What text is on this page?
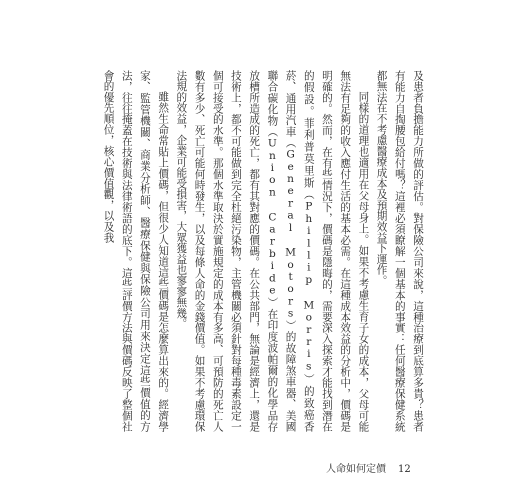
及患者負擔能力所做的評估。對保險公司來說，這種治療到底算多貴？患者有能力自掏腰包給付嗎？這裡必須瞭解一個基本的事實：任何醫療保健系統都無法在不考慮醫療成本及預期效益下運作。

同樣的道理也適用在父母身上。如果不考慮生育子女的成本，父母可能無法有足夠的收入應付生活的基本必需。在這種成本效益的分析中，價碼是明確的。然而，在有些情況下，價碼是隱晦的，需要深入探索才能找到潛在的假設。菲利普莫里斯（Phillip Morris）的致癌香菸、通用汽車（General Motors）的故障煞車器、美國聯合碳化物（Union Carbide）在印度波帕爾的化學品存放槽所造成的死亡，都有其對應的價碼。在公共部門，無論是經濟上，還是技術上，都不可能做到完全杜絕污染物，主管機關必須針對每種毒素設定一個可接受的水準。那個水準取決於實施規定的成本有多高、可預防的死亡人數有多少、死亡可能何時發生，以及每條人命的金錢價值。如果不考慮環保法規的效益，企業可能受損害，大眾獲益也寥寥無幾。

雖然生命常貼上價碼，但很少人知道這些價碼是怎麼算出來的。經濟學家、監管機關、商業分析師、醫療保健與保險公司用來決定這些價值的方法，往往掩蓋在技術與法律術語的底下。這些評價方法與價碼反映了整個社會的優先順位，核心價值觀，以及我

人命如何定價 12
